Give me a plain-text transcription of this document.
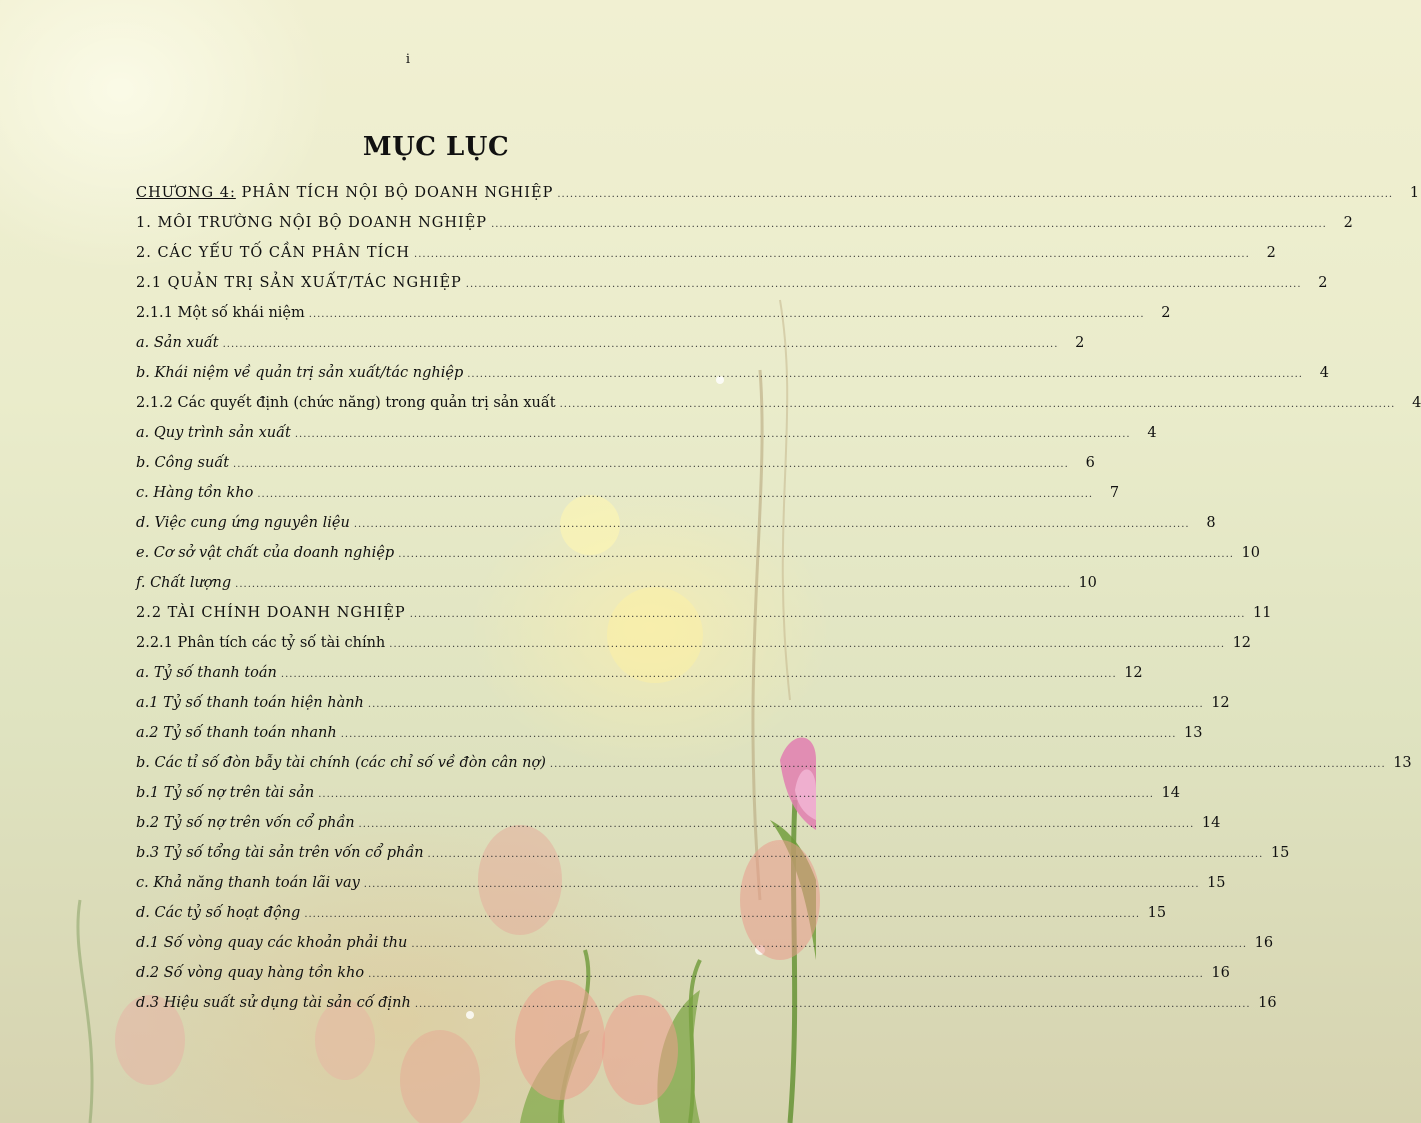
i
MỤC LỤC
CHƯƠNG 4: PHÂN TÍCH NỘI BỘ DOANH NGHIỆP ........................................................................................................................................................................................................	1
1. MÔI TRƯỜNG NỘI BỘ DOANH NGHIỆP ........................................................................................................................................................................................................	2
2. CÁC YẾU TỐ CẦN PHÂN TÍCH ........................................................................................................................................................................................................	2
2.1 QUẢN TRỊ SẢN XUẤT/TÁC NGHIỆP ........................................................................................................................................................................................................	2
2.1.1 Một số khái niệm ........................................................................................................................................................................................................	2
a. Sản xuất ........................................................................................................................................................................................................	2
b. Khái niệm về quản trị sản xuất/tác nghiệp ........................................................................................................................................................................................................	4
2.1.2 Các quyết định (chức năng) trong quản trị sản xuất ........................................................................................................................................................................................................	4
a. Quy trình sản xuất ........................................................................................................................................................................................................	4
b. Công suất ........................................................................................................................................................................................................	6
c. Hàng tồn kho ........................................................................................................................................................................................................	7
d. Việc cung ứng nguyên liệu ........................................................................................................................................................................................................	8
e. Cơ sở vật chất của doanh nghiệp ........................................................................................................................................................................................................ 10
f. Chất lượng ........................................................................................................................................................................................................ 10
2.2 TÀI CHÍNH DOANH NGHIỆP ........................................................................................................................................................................................................ 11
2.2.1 Phân tích các tỷ số tài chính ........................................................................................................................................................................................................ 12
a. Tỷ số thanh toán ........................................................................................................................................................................................................ 12
a.1 Tỷ số thanh toán hiện hành ........................................................................................................................................................................................................ 12
a.2 Tỷ số thanh toán nhanh ........................................................................................................................................................................................................ 13
b. Các tỉ số đòn bẫy tài chính (các chỉ số về đòn cân nợ) ........................................................................................................................................................................................................ 13
b.1 Tỷ số nợ trên tài sản ........................................................................................................................................................................................................ 14
b.2 Tỷ số nợ trên vốn cổ phần ........................................................................................................................................................................................................ 14
b.3 Tỷ số tổng tài sản trên vốn cổ phần ........................................................................................................................................................................................................ 15
c. Khả năng thanh toán lãi vay ........................................................................................................................................................................................................ 15
d. Các tỷ số hoạt động ........................................................................................................................................................................................................ 15
d.1 Số vòng quay các khoản phải thu ........................................................................................................................................................................................................ 16
d.2 Số vòng quay hàng tồn kho ........................................................................................................................................................................................................ 16
d.3 Hiệu suất sử dụng tài sản cố định ........................................................................................................................................................................................................ 16
